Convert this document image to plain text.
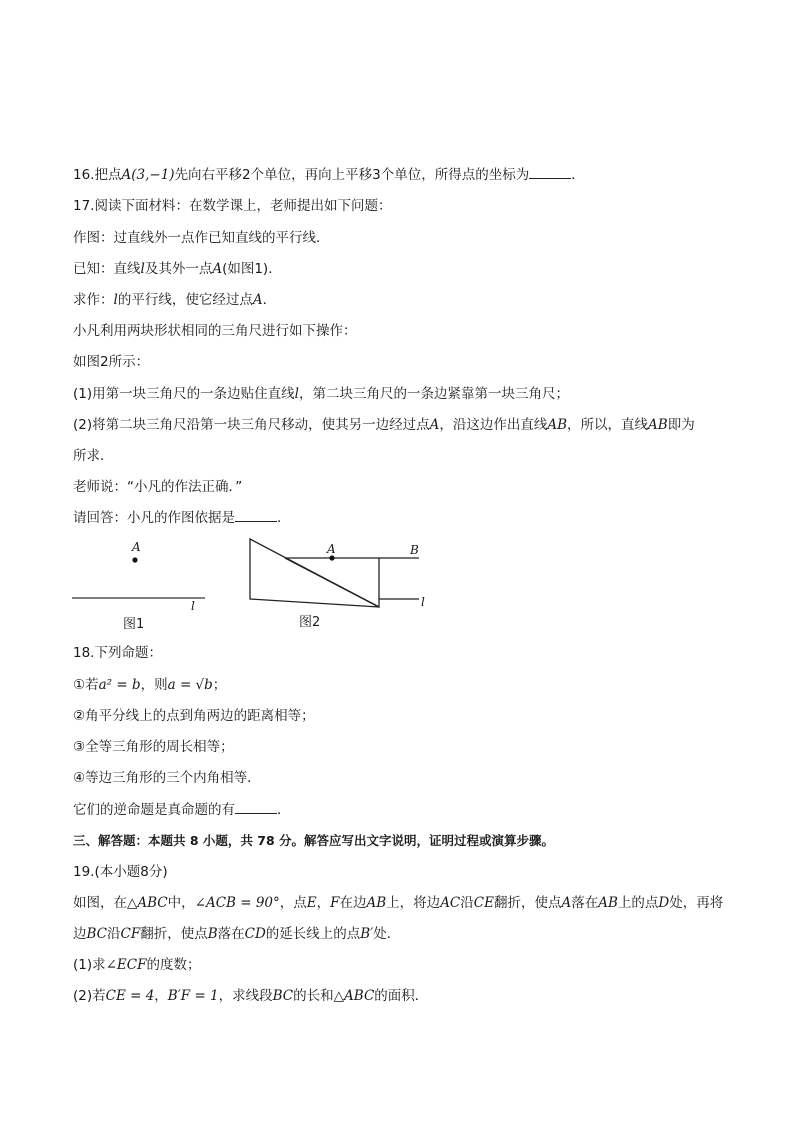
16.把点A(3,−1)先向右平移2个单位，再向上平移3个单位，所得点的坐标为	．
17.阅读下面材料：在数学课上，老师提出如下问题：
作图：过直线外一点作已知直线的平行线．
已知：直线l及其外一点A(如图1)．
求作：l的平行线，使它经过点A．
小凡利用两块形状相同的三角尺进行如下操作：
如图2所示：
(1)用第一块三角尺的一条边贴住直线l，第二块三角尺的一条边紧靠第一块三角尺；
(2)将第二块三角尺沿第一块三角尺移动，使其另一边经过点A，沿这边作出直线AB，所以，直线AB即为
所求．
老师说：“小凡的作法正确．”
请回答：小凡的作图依据是	．
A
l
图1
A	B
l
图2
18.下列命题：
①若a² = b，则a = √b；
②角平分线上的点到角两边的距离相等；
③全等三角形的周长相等；
④等边三角形的三个内角相等．
它们的逆命题是真命题的有	．
三、解答题：本题共 8 小题，共 78 分。解答应写出文字说明，证明过程或演算步骤。
19.(本小题8分)
如图，在△ABC中，∠ACB = 90°，点E，F在边AB上，将边AC沿CE翻折，使点A落在AB上的点D处，再将
边BC沿CF翻折，使点B落在CD的延长线上的点B′处．
(1)求∠ECF的度数；
(2)若CE = 4，B′F = 1，求线段BC的长和△ABC的面积．
